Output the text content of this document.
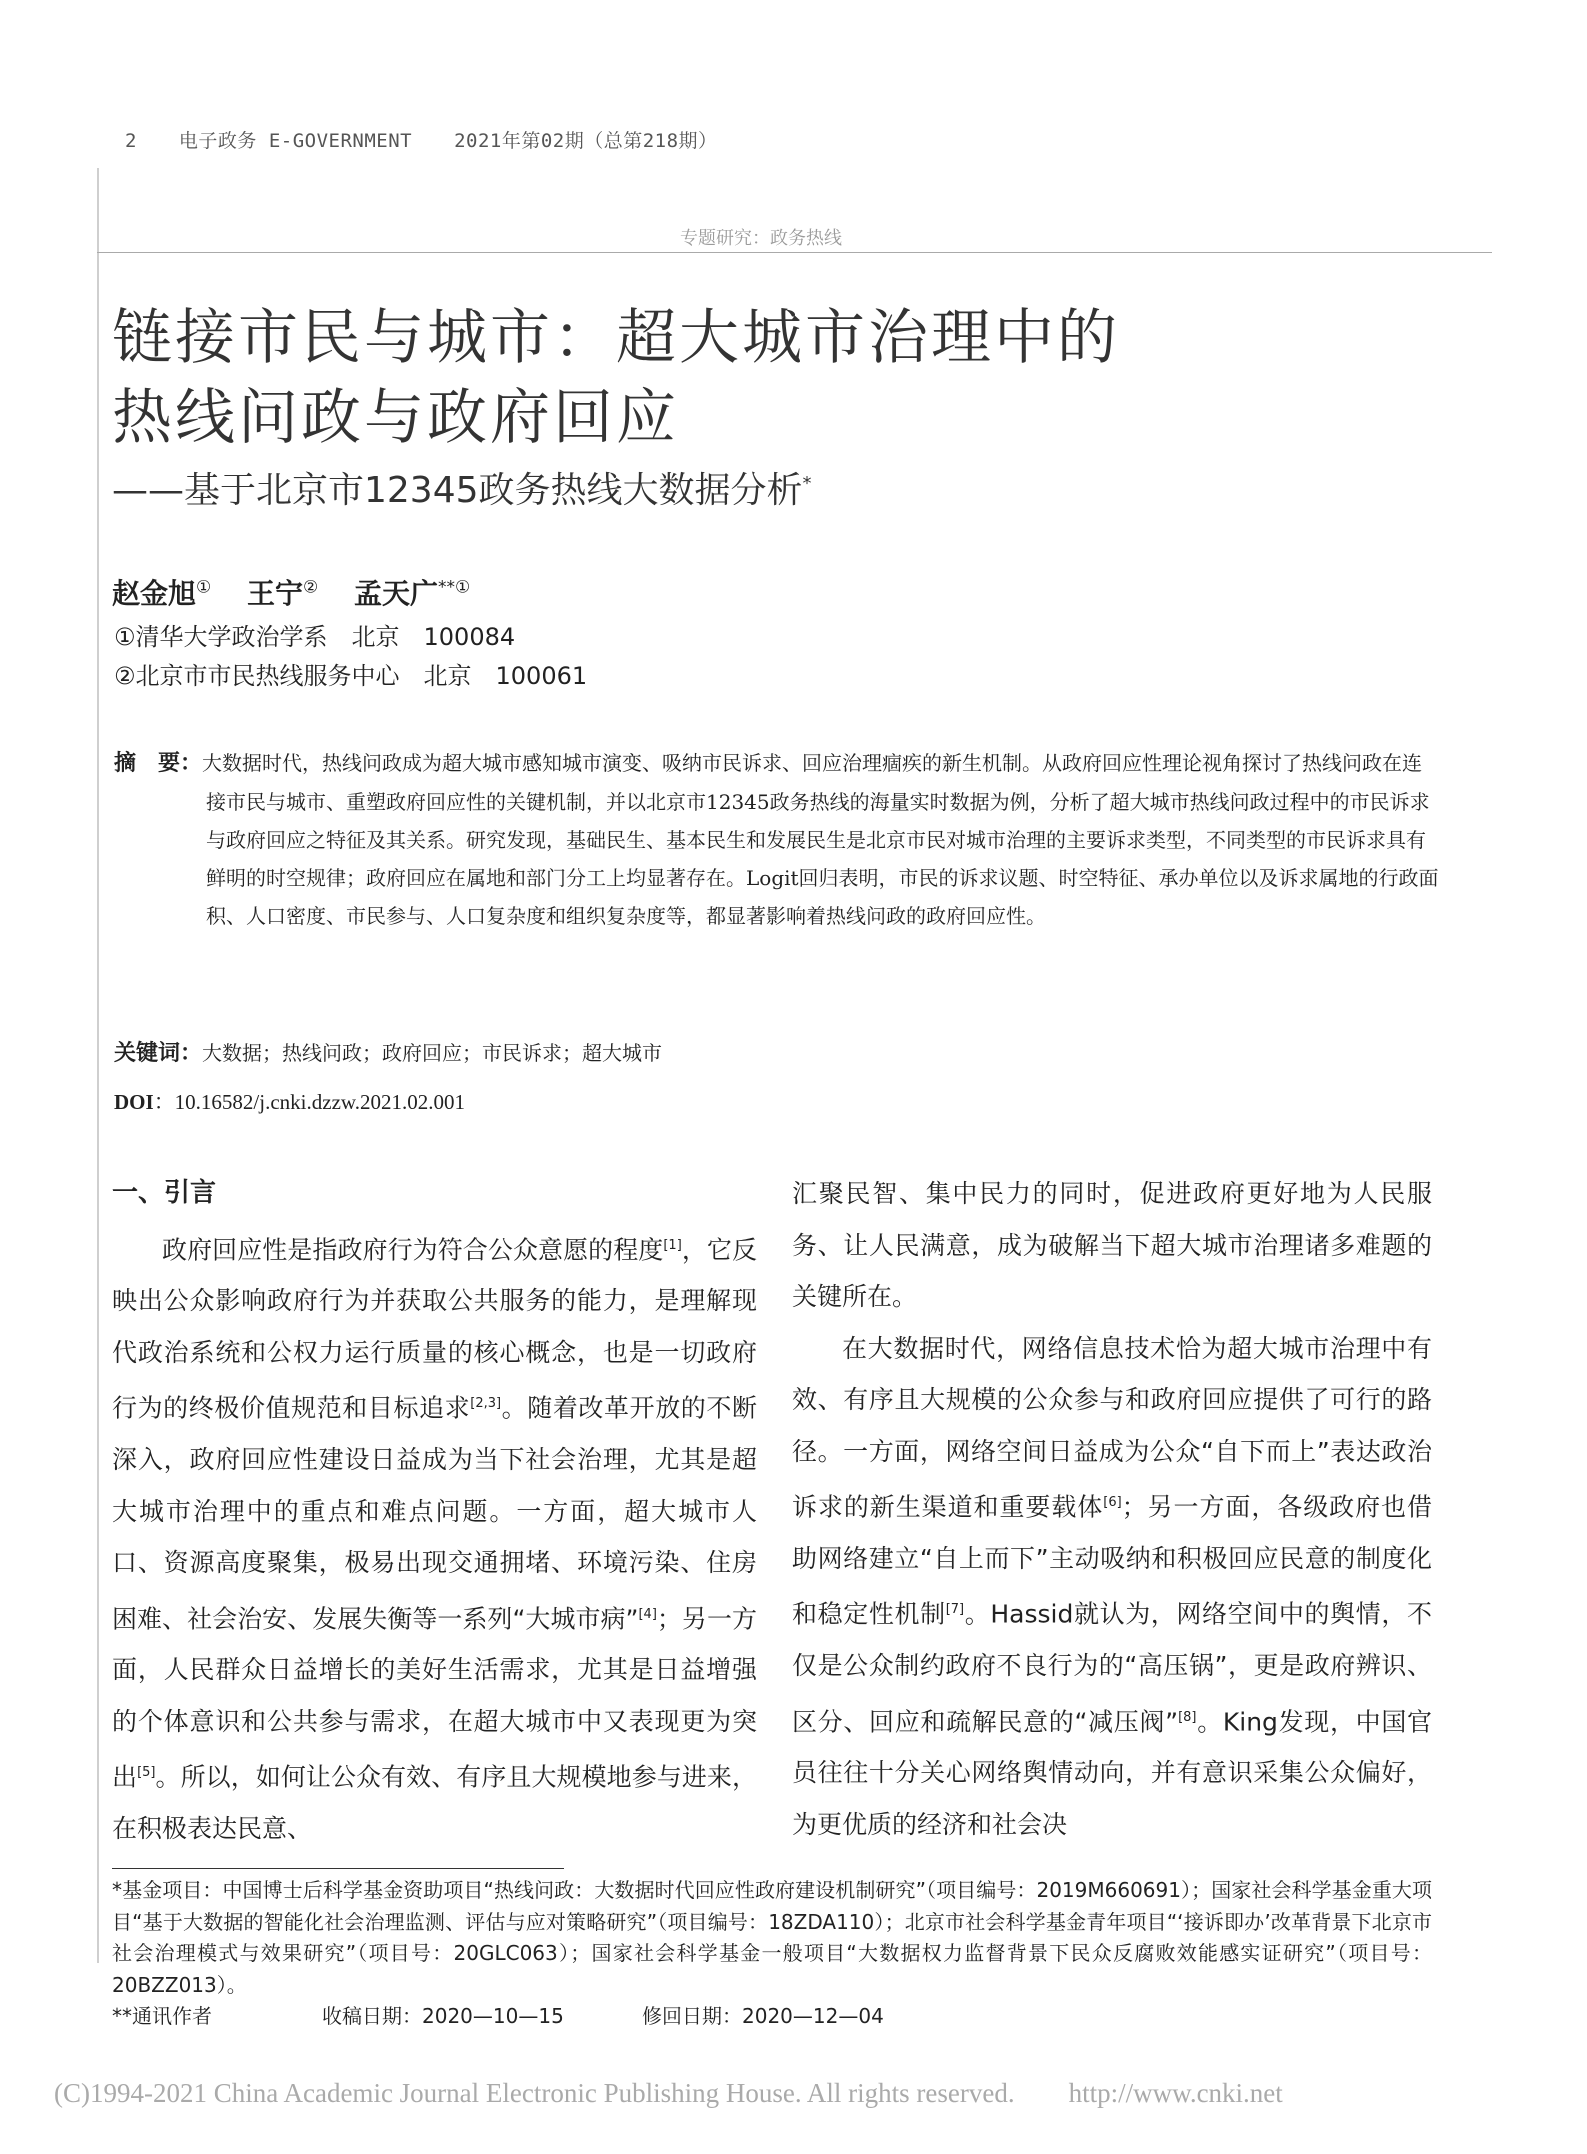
2 电子政务 E-GOVERNMENT 2021年第02期（总第218期）
专题研究：政务热线
链接市民与城市：超大城市治理中的
热线问政与政府回应
——基于北京市12345政务热线大数据分析*
赵金旭① 王宁② 孟天广**①
①清华大学政治学系　北京　100084
②北京市市民热线服务中心　北京　100061
摘　要：大数据时代，热线问政成为超大城市感知城市演变、吸纳市民诉求、回应治理痼疾的新生机制。从政府回应性理论视角探讨了热线问政在连接市民与城市、重塑政府回应性的关键机制，并以北京市12345政务热线的海量实时数据为例，分析了超大城市热线问政过程中的市民诉求与政府回应之特征及其关系。研究发现，基础民生、基本民生和发展民生是北京市民对城市治理的主要诉求类型，不同类型的市民诉求具有鲜明的时空规律；政府回应在属地和部门分工上均显著存在。Logit回归表明，市民的诉求议题、时空特征、承办单位以及诉求属地的行政面积、人口密度、市民参与、人口复杂度和组织复杂度等，都显著影响着热线问政的政府回应性。
关键词：大数据；热线问政；政府回应；市民诉求；超大城市
DOI：10.16582/j.cnki.dzzw.2021.02.001

一、引言

政府回应性是指政府行为符合公众意愿的程度[1]，它反映出公众影响政府行为并获取公共服务的能力，是理解现代政治系统和公权力运行质量的核心概念，也是一切政府行为的终极价值规范和目标追求[2,3]。随着改革开放的不断深入，政府回应性建设日益成为当下社会治理，尤其是超大城市治理中的重点和难点问题。一方面，超大城市人口、资源高度聚集，极易出现交通拥堵、环境污染、住房困难、社会治安、发展失衡等一系列“大城市病”[4]；另一方面，人民群众日益增长的美好生活需求，尤其是日益增强的个体意识和公共参与需求，在超大城市中又表现更为突出[5]。所以，如何让公众有效、有序且大规模地参与进来，在积极表达民意、

汇聚民智、集中民力的同时，促进政府更好地为人民服务、让人民满意，成为破解当下超大城市治理诸多难题的关键所在。

在大数据时代，网络信息技术恰为超大城市治理中有效、有序且大规模的公众参与和政府回应提供了可行的路径。一方面，网络空间日益成为公众“自下而上”表达政治诉求的新生渠道和重要载体[6]；另一方面，各级政府也借助网络建立“自上而下”主动吸纳和积极回应民意的制度化和稳定性机制[7]。Hassid就认为，网络空间中的舆情，不仅是公众制约政府不良行为的“高压锅”，更是政府辨识、区分、回应和疏解民意的“减压阀”[8]。King发现，中国官员往往十分关心网络舆情动向，并有意识采集公众偏好，为更优质的经济和社会决

*基金项目：中国博士后科学基金资助项目“热线问政：大数据时代回应性政府建设机制研究”（项目编号：2019M660691）；国家社会科学基金重大项目“基于大数据的智能化社会治理监测、评估与应对策略研究”（项目编号：18ZDA110）；北京市社会科学基金青年项目“‘接诉即办’改革背景下北京市社会治理模式与效果研究”（项目号：20GLC063）；国家社会科学基金一般项目“大数据权力监督背景下民众反腐败效能感实证研究”（项目号：20BZZ013）。

**通讯作者	收稿日期：2020—10—15	修回日期：2020—12—04

(C)1994-2021 China Academic Journal Electronic Publishing House. All rights reserved.　　http://www.cnki.net
